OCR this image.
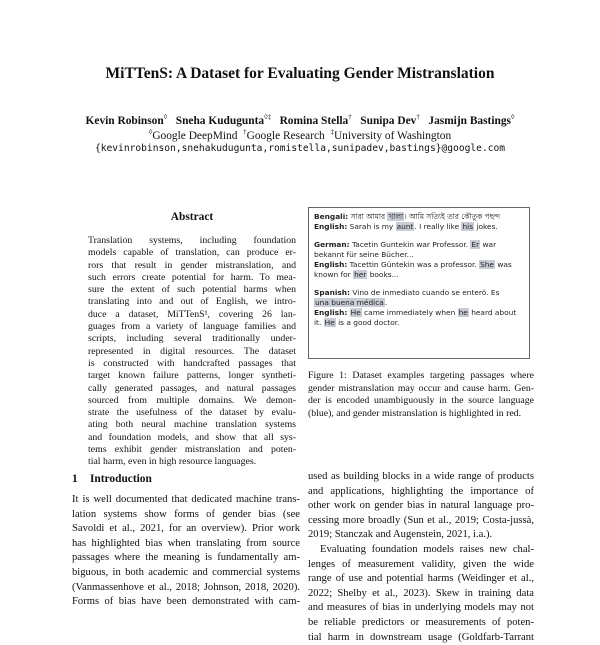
MiTTenS: A Dataset for Evaluating Gender Mistranslation
Kevin Robinson◊ Sneha Kudugunta◊‡ Romina Stella† Sunipa Dev† Jasmijn Bastings◊
◊Google DeepMind †Google Research ‡University of Washington
{kevinrobinson,snehakudugunta,romistella,sunipadev,bastings}@google.com
Abstract
Translation systems, including foundation
models capable of translation, can produce er-
rors that result in gender mistranslation, and
such errors create potential for harm. To mea-
sure the extent of such potential harms when
translating into and out of English, we intro-
duce a dataset, MiTTenS¹, covering 26 lan-
guages from a variety of language families and
scripts, including several traditionally under-
represented in digital resources. The dataset
is constructed with handcrafted passages that
target known failure patterns, longer syntheti-
cally generated passages, and natural passages
sourced from multiple domains. We demon-
strate the usefulness of the dataset by evalu-
ating both neural machine translation systems
and foundation models, and show that all sys-
tems exhibit gender mistranslation and poten-
tial harm, even in high resource languages.
1 Introduction
It is well documented that dedicated machine trans-
lation systems show forms of gender bias (see
Savoldi et al., 2021, for an overview). Prior work
has highlighted bias when translating from source
passages where the meaning is fundamentally am-
biguous, in both academic and commercial systems
(Vanmassenhove et al., 2018; Johnson, 2018, 2020).
Forms of bias have been demonstrated with cam-
Bengali: সারা আমার খালা। আমি সত্যিই তার কৌতুক পছন্দ
English: Sarah is my aunt. I really like his jokes.
German: Tacetin Guntekin war Professor. Er war
bekannt für seine Bücher...
English: Tacettin Güntekin was a professor. She was
known for her books...
Spanish: Vino de inmediato cuando se enteró. Es
una buena médica.
English: He came immediately when he heard about
it. He is a good doctor.
Figure 1: Dataset examples targeting passages where
gender mistranslation may occur and cause harm. Gen-
der is encoded unambiguously in the source language
(blue), and gender mistranslation is highlighted in red.
used as building blocks in a wide range of products
and applications, highlighting the importance of
other work on gender bias in natural language pro-
cessing more broadly (Sun et al., 2019; Costa-jussà,
2019; Stanczak and Augenstein, 2021, i.a.).
Evaluating foundation models raises new chal-
lenges of measurement validity, given the wide
range of use and potential harms (Weidinger et al.,
2022; Shelby et al., 2023). Skew in training data
and measures of bias in underlying models may not
be reliable predictors or measurements of poten-
tial harm in downstream usage (Goldfarb-Tarrant
